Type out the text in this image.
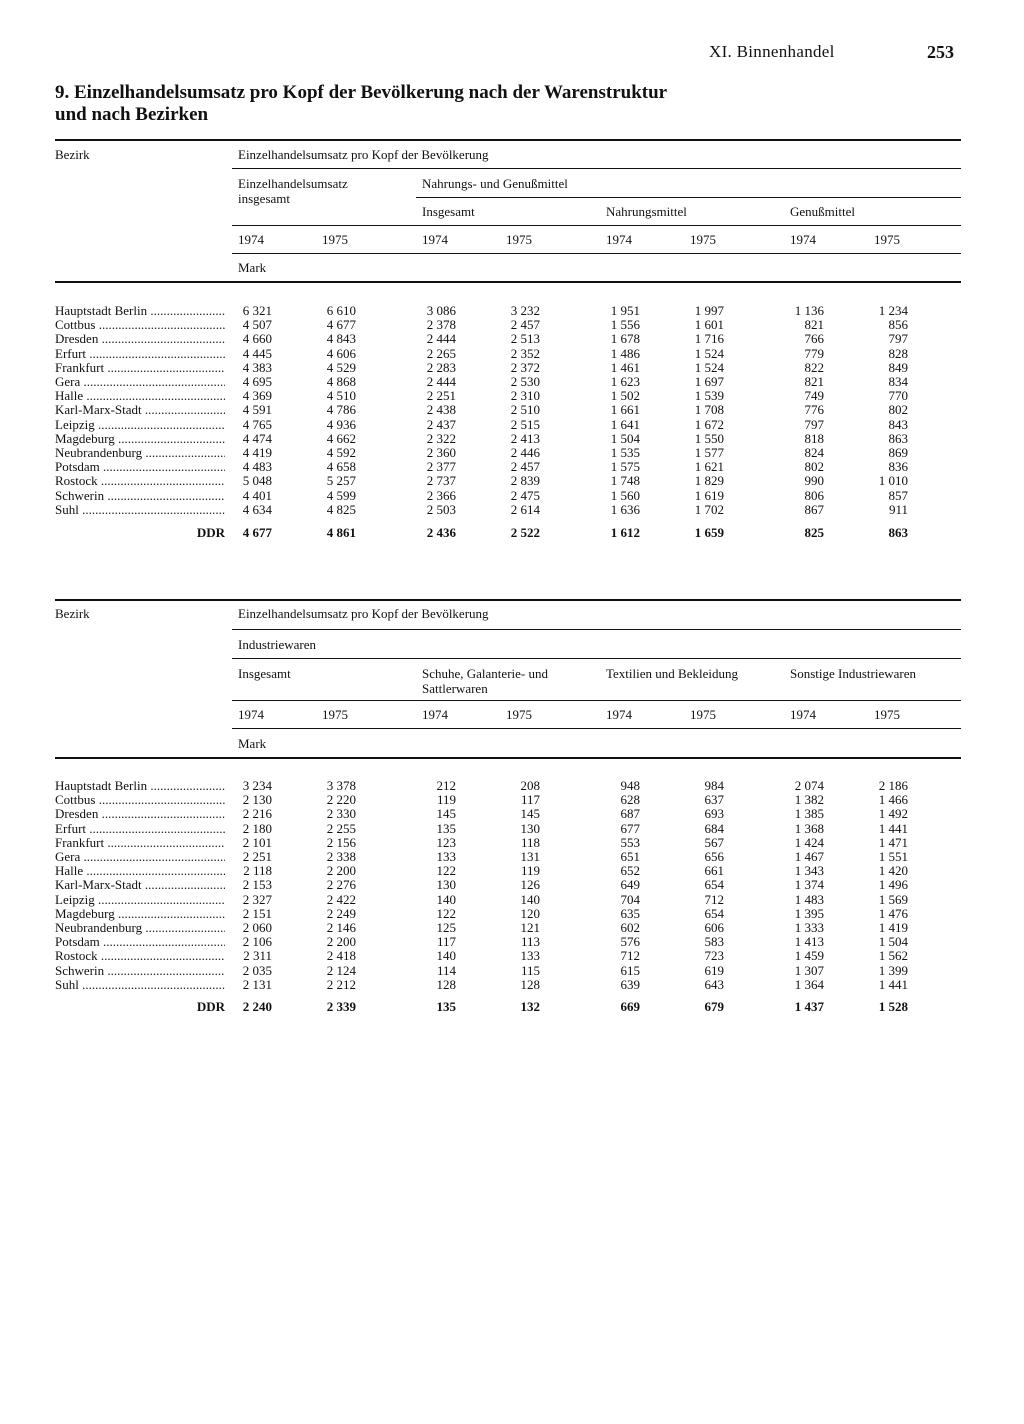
XI. Binnenhandel	253
9. Einzelhandelsumsatz pro Kopf der Bevölkerung nach der Warenstruktur
und nach Bezirken
Bezirk	Einzelhandelsumsatz pro Kopf der Bevölkerung
Einzelhandelsumsatz insgesamt
Nahrungs- und Genußmittel
Insgesamt	Nahrungsmittel	Genußmittel
1974	1975	1974	1975	1974	1975	1974	1975
Mark
Hauptstadt Berlin .....	6 321	6 610	3 086	3 232	1 951	1 997	1 136	1 234
Cottbus .....	4 507	4 677	2 378	2 457	1 556	1 601	821	856
Dresden .....	4 660	4 843	2 444	2 513	1 678	1 716	766	797
Erfurt .....	4 445	4 606	2 265	2 352	1 486	1 524	779	828
Frankfurt .....	4 383	4 529	2 283	2 372	1 461	1 524	822	849
Gera .....	4 695	4 868	2 444	2 530	1 623	1 697	821	834
Halle .....	4 369	4 510	2 251	2 310	1 502	1 539	749	770
Karl-Marx-Stadt .....	4 591	4 786	2 438	2 510	1 661	1 708	776	802
Leipzig .....	4 765	4 936	2 437	2 515	1 641	1 672	797	843
Magdeburg .....	4 474	4 662	2 322	2 413	1 504	1 550	818	863
Neubrandenburg .....	4 419	4 592	2 360	2 446	1 535	1 577	824	869
Potsdam .....	4 483	4 658	2 377	2 457	1 575	1 621	802	836
Rostock .....	5 048	5 257	2 737	2 839	1 748	1 829	990	1 010
Schwerin .....	4 401	4 599	2 366	2 475	1 560	1 619	806	857
Suhl .....	4 634	4 825	2 503	2 614	1 636	1 702	867	911
DDR	4 677	4 861	2 436	2 522	1 612	1 659	825	863
Bezirk	Einzelhandelsumsatz pro Kopf der Bevölkerung
Industriewaren
Insgesamt	Schuhe, Galanterie- und Sattlerwaren
Textilien und Bekleidung	Sonstige Industriewaren
1974	1975	1974	1975	1974	1975	1974	1975
Mark
Hauptstadt Berlin .....	3 234	3 378	212	208	948	984	2 074	2 186
Cottbus .....	2 130	2 220	119	117	628	637	1 382	1 466
Dresden .....	2 216	2 330	145	145	687	693	1 385	1 492
Erfurt .....	2 180	2 255	135	130	677	684	1 368	1 441
Frankfurt .....	2 101	2 156	123	118	553	567	1 424	1 471
Gera .....	2 251	2 338	133	131	651	656	1 467	1 551
Halle .....	2 118	2 200	122	119	652	661	1 343	1 420
Karl-Marx-Stadt .....	2 153	2 276	130	126	649	654	1 374	1 496
Leipzig .....	2 327	2 422	140	140	704	712	1 483	1 569
Magdeburg .....	2 151	2 249	122	120	635	654	1 395	1 476
Neubrandenburg .....	2 060	2 146	125	121	602	606	1 333	1 419
Potsdam .....	2 106	2 200	117	113	576	583	1 413	1 504
Rostock .....	2 311	2 418	140	133	712	723	1 459	1 562
Schwerin .....	2 035	2 124	114	115	615	619	1 307	1 399
Suhl .....	2 131	2 212	128	128	639	643	1 364	1 441
DDR	2 240	2 339	135	132	669	679	1 437	1 528
